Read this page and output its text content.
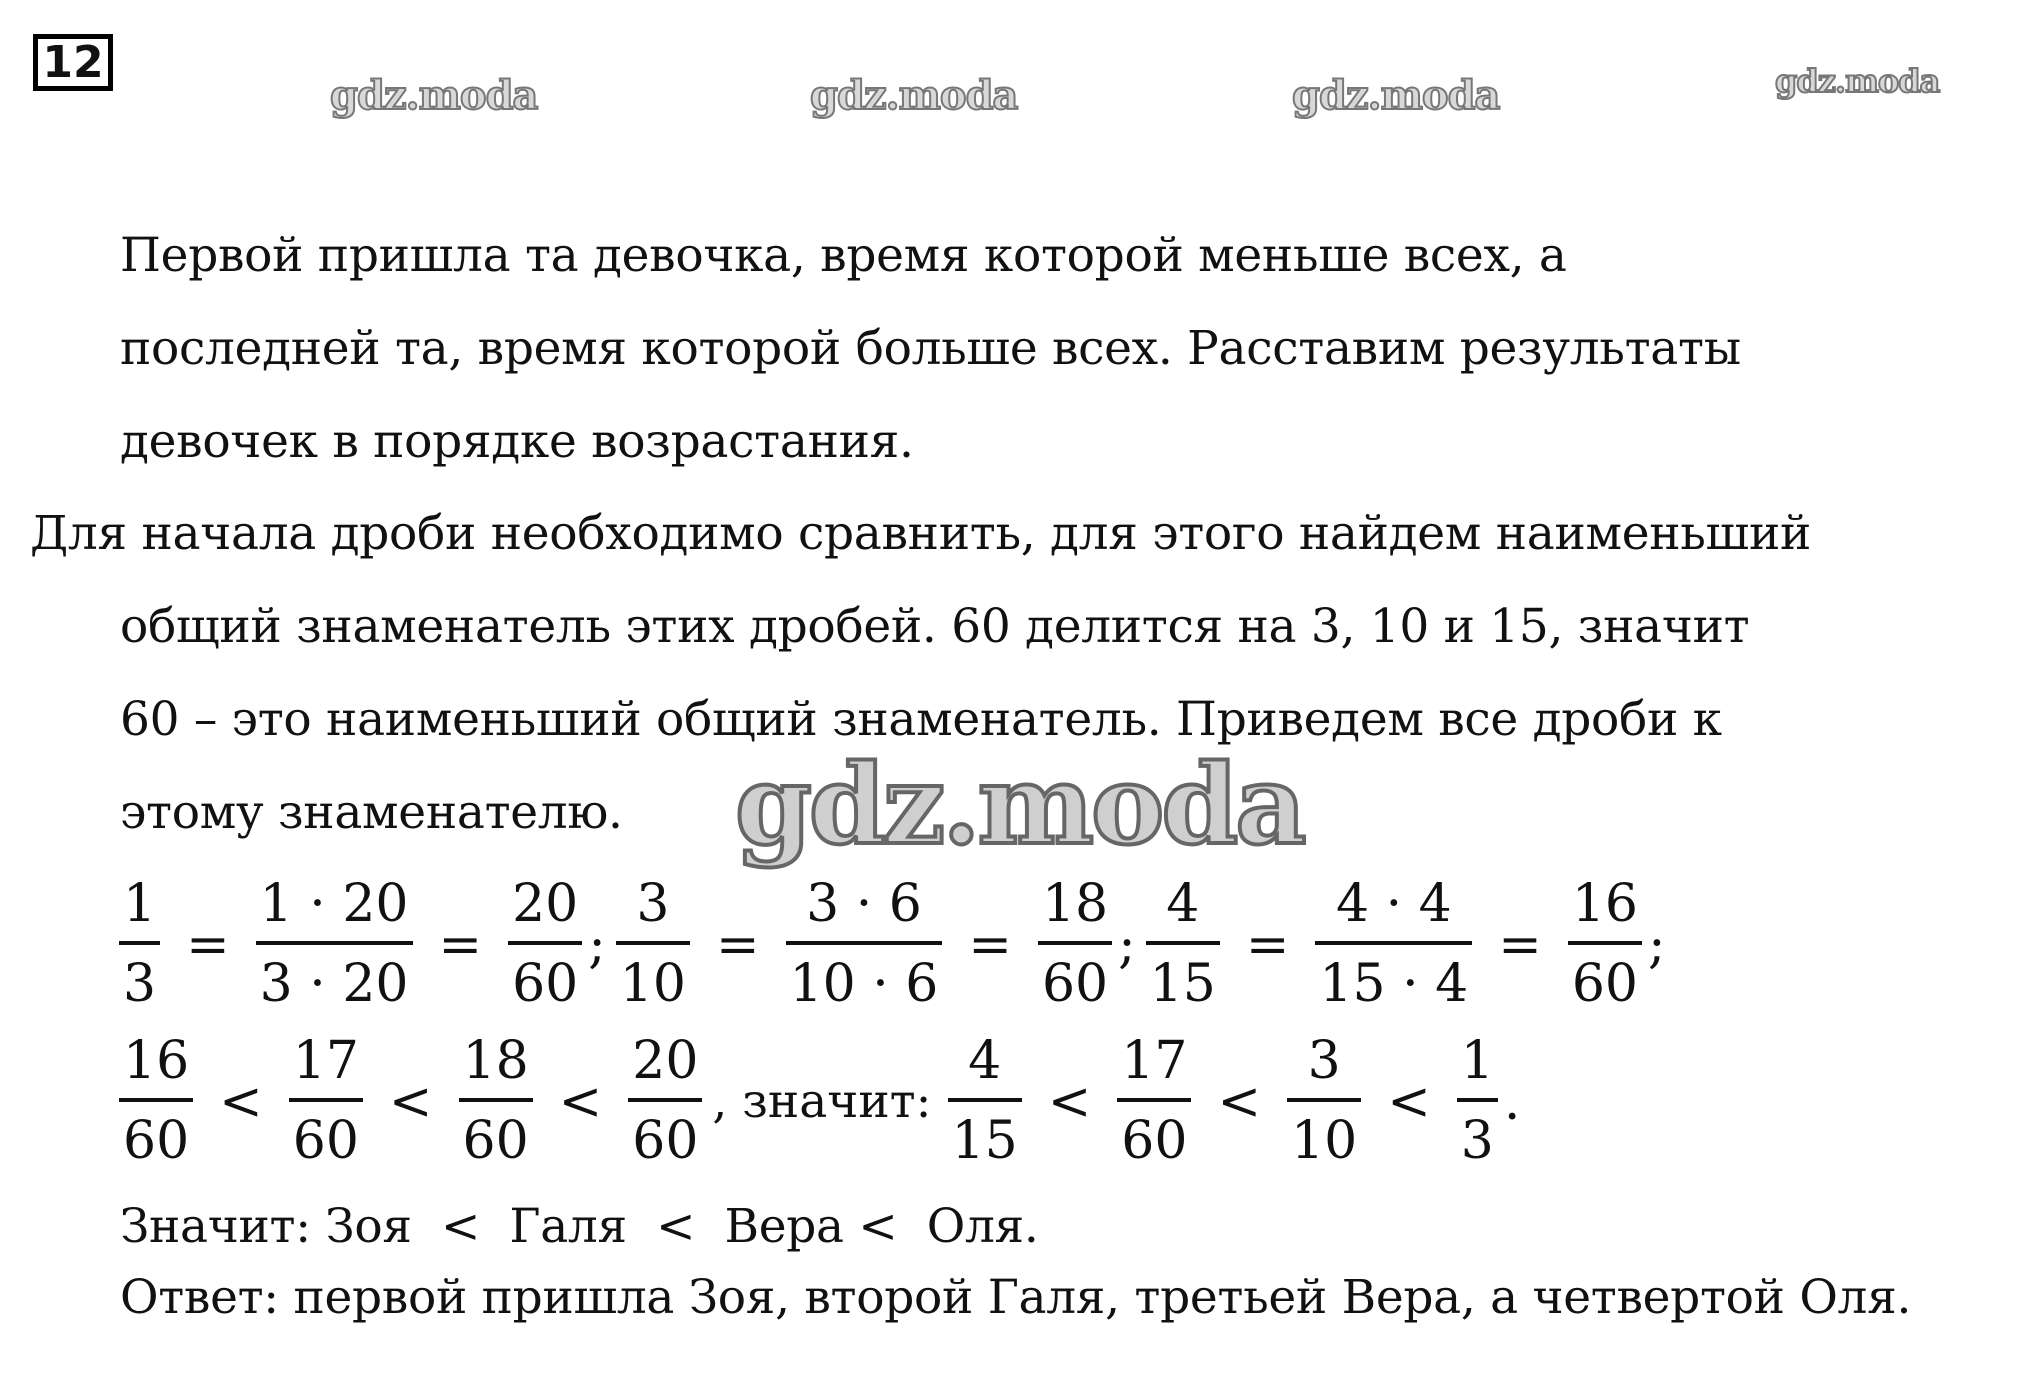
12
gdz.moda	gdz.moda	gdz.moda	gdz.moda
Первой пришла та девочка, время которой меньше всех, а
последней та, время которой больше всех. Расставим результаты
девочек в порядке возрастания.
Для начала дроби необходимо сравнить, для этого найдем наименьший
общий знаменатель этих дробей. 60 делится на 3, 10 и 15, значит
60 – это наименьший общий знаменатель. Приведем все дроби к
этому знаменателю. gdz.moda
$\frac{1}{3} = \frac{1 \cdot 20}{3 \cdot 20} = \frac{20}{60}$ ; $\frac{3}{10} = \frac{3 \cdot 6}{10 \cdot 6} = \frac{18}{60}$ ; $\frac{4}{15} = \frac{4 \cdot 4}{15 \cdot 4} = \frac{16}{60}$ ;
$\frac{16}{60} < \frac{17}{60} < \frac{18}{60} < \frac{20}{60}$ , значит: $\frac{4}{15} < \frac{17}{60} < \frac{3}{10} < \frac{1}{3}$ .
Значит: Зоя  <  Галя  <  Вера <  Оля.
Ответ: первой пришла Зоя, второй Галя, третьей Вера, а четвертой Оля.
